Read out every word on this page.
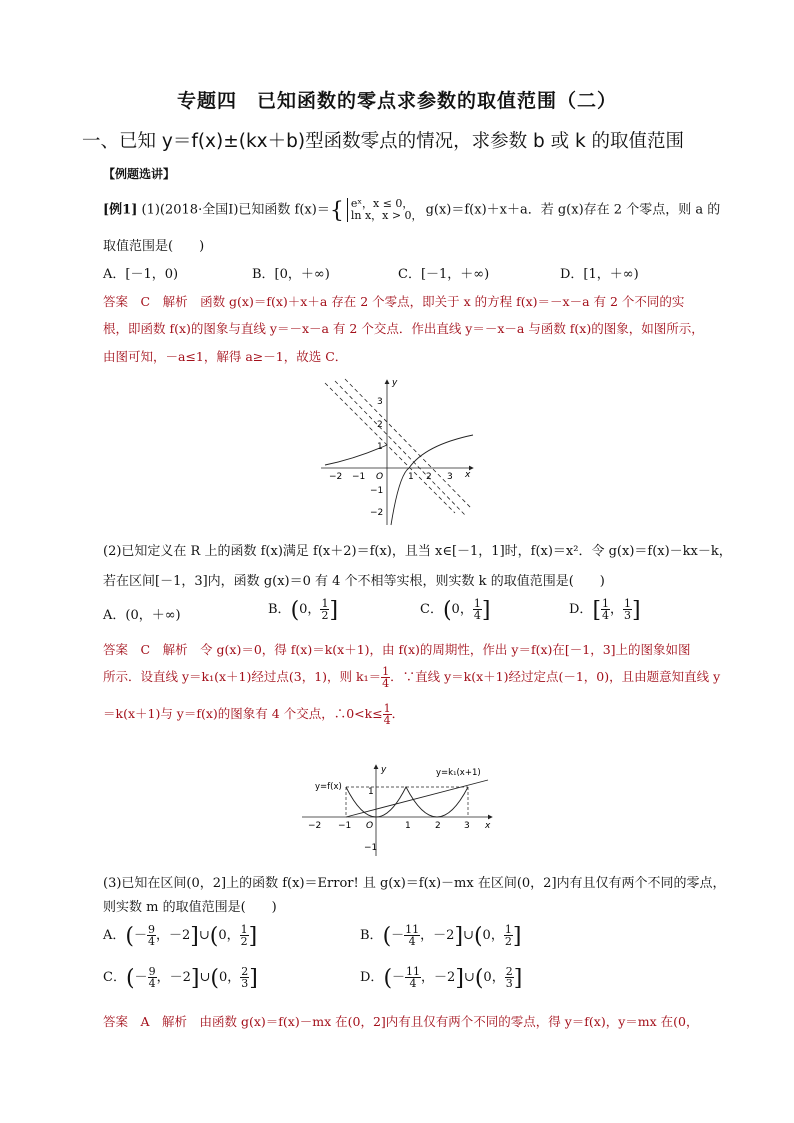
专题四　已知函数的零点求参数的取值范围（二）
一、已知 y＝f(x)±(kx＋b)型函数零点的情况，求参数 b 或 k 的取值范围
【例题选讲】
[例1] (1)(2018·全国Ⅰ)已知函数 f(x)＝{ eˣ，x ≤ 0，
ln x，x > 0， g(x)＝f(x)＋x＋a．若 g(x)存在 2 个零点，则 a 的
取值范围是(　　)
A．[－1，0)	B．[0，＋∞)	C．[－1，＋∞)	D．[1，＋∞)
答案　C　解析　函数 g(x)＝f(x)＋x＋a 存在 2 个零点，即关于 x 的方程 f(x)＝－x－a 有 2 个不同的实
根，即函数 f(x)的图象与直线 y＝－x－a 有 2 个交点．作出直线 y＝－x－a 与函数 f(x)的图象，如图所示，
由图可知，－a≤1，解得 a≥－1，故选 C．
y
x
O
−2 −1	1 2 3
3
2
1
−1
−2
(2)已知定义在 R 上的函数 f(x)满足 f(x＋2)＝f(x)，且当 x∈[－1，1]时，f(x)＝x²．令 g(x)＝f(x)－kx－k，
若在区间[－1，3]内，函数 g(x)＝0 有 4 个不相等实根，则实数 k 的取值范围是(　　)
A．(0，＋∞)	B．(0， $\frac{1}{2}$ ]	C．(0， $\frac{1}{4}$ ]	D．[ $\frac{1}{4}$ ， $\frac{1}{3}$ ]
答案　C　解析　令 g(x)＝0，得 f(x)＝k(x＋1)，由 f(x)的周期性，作出 y＝f(x)在[－1，3]上的图象如图
所示．设直线 y＝k₁(x＋1)经过点(3，1)，则 $k_1= \frac{1}{4}$ ．∵直线 y＝k(x＋1)经过定点(－1，0)，且由题意知直线 y
＝k(x＋1)与 y＝f(x)的图象有 4 个交点，∴0<k≤ $\frac{1}{4}$ ．
y
x
O
−2 −1	1	2	3
1
−1
y=f(x)
y=k₁(x+1)
(3)已知在区间(0，2]上的函数 f(x)＝Error! 且 g(x)＝f(x)－mx 在区间(0，2]内有且仅有两个不同的零点，
则实数 m 的取值范围是(　　)
A．(－ $\frac{9}{4}$ ，－2]∪(0， $\frac{1}{2}$ ]	B．(－ $\frac{11}{4}$ ，－2]∪(0， $\frac{1}{2}$ ]
C．(－ $\frac{9}{4}$ ，－2]∪(0， $\frac{2}{3}$ ]	D．(－ $\frac{11}{4}$ ，－2]∪(0， $\frac{2}{3}$ ]
答案　A　解析　由函数 g(x)＝f(x)－mx 在(0，2]内有且仅有两个不同的零点，得 y＝f(x)，y＝mx 在(0，
